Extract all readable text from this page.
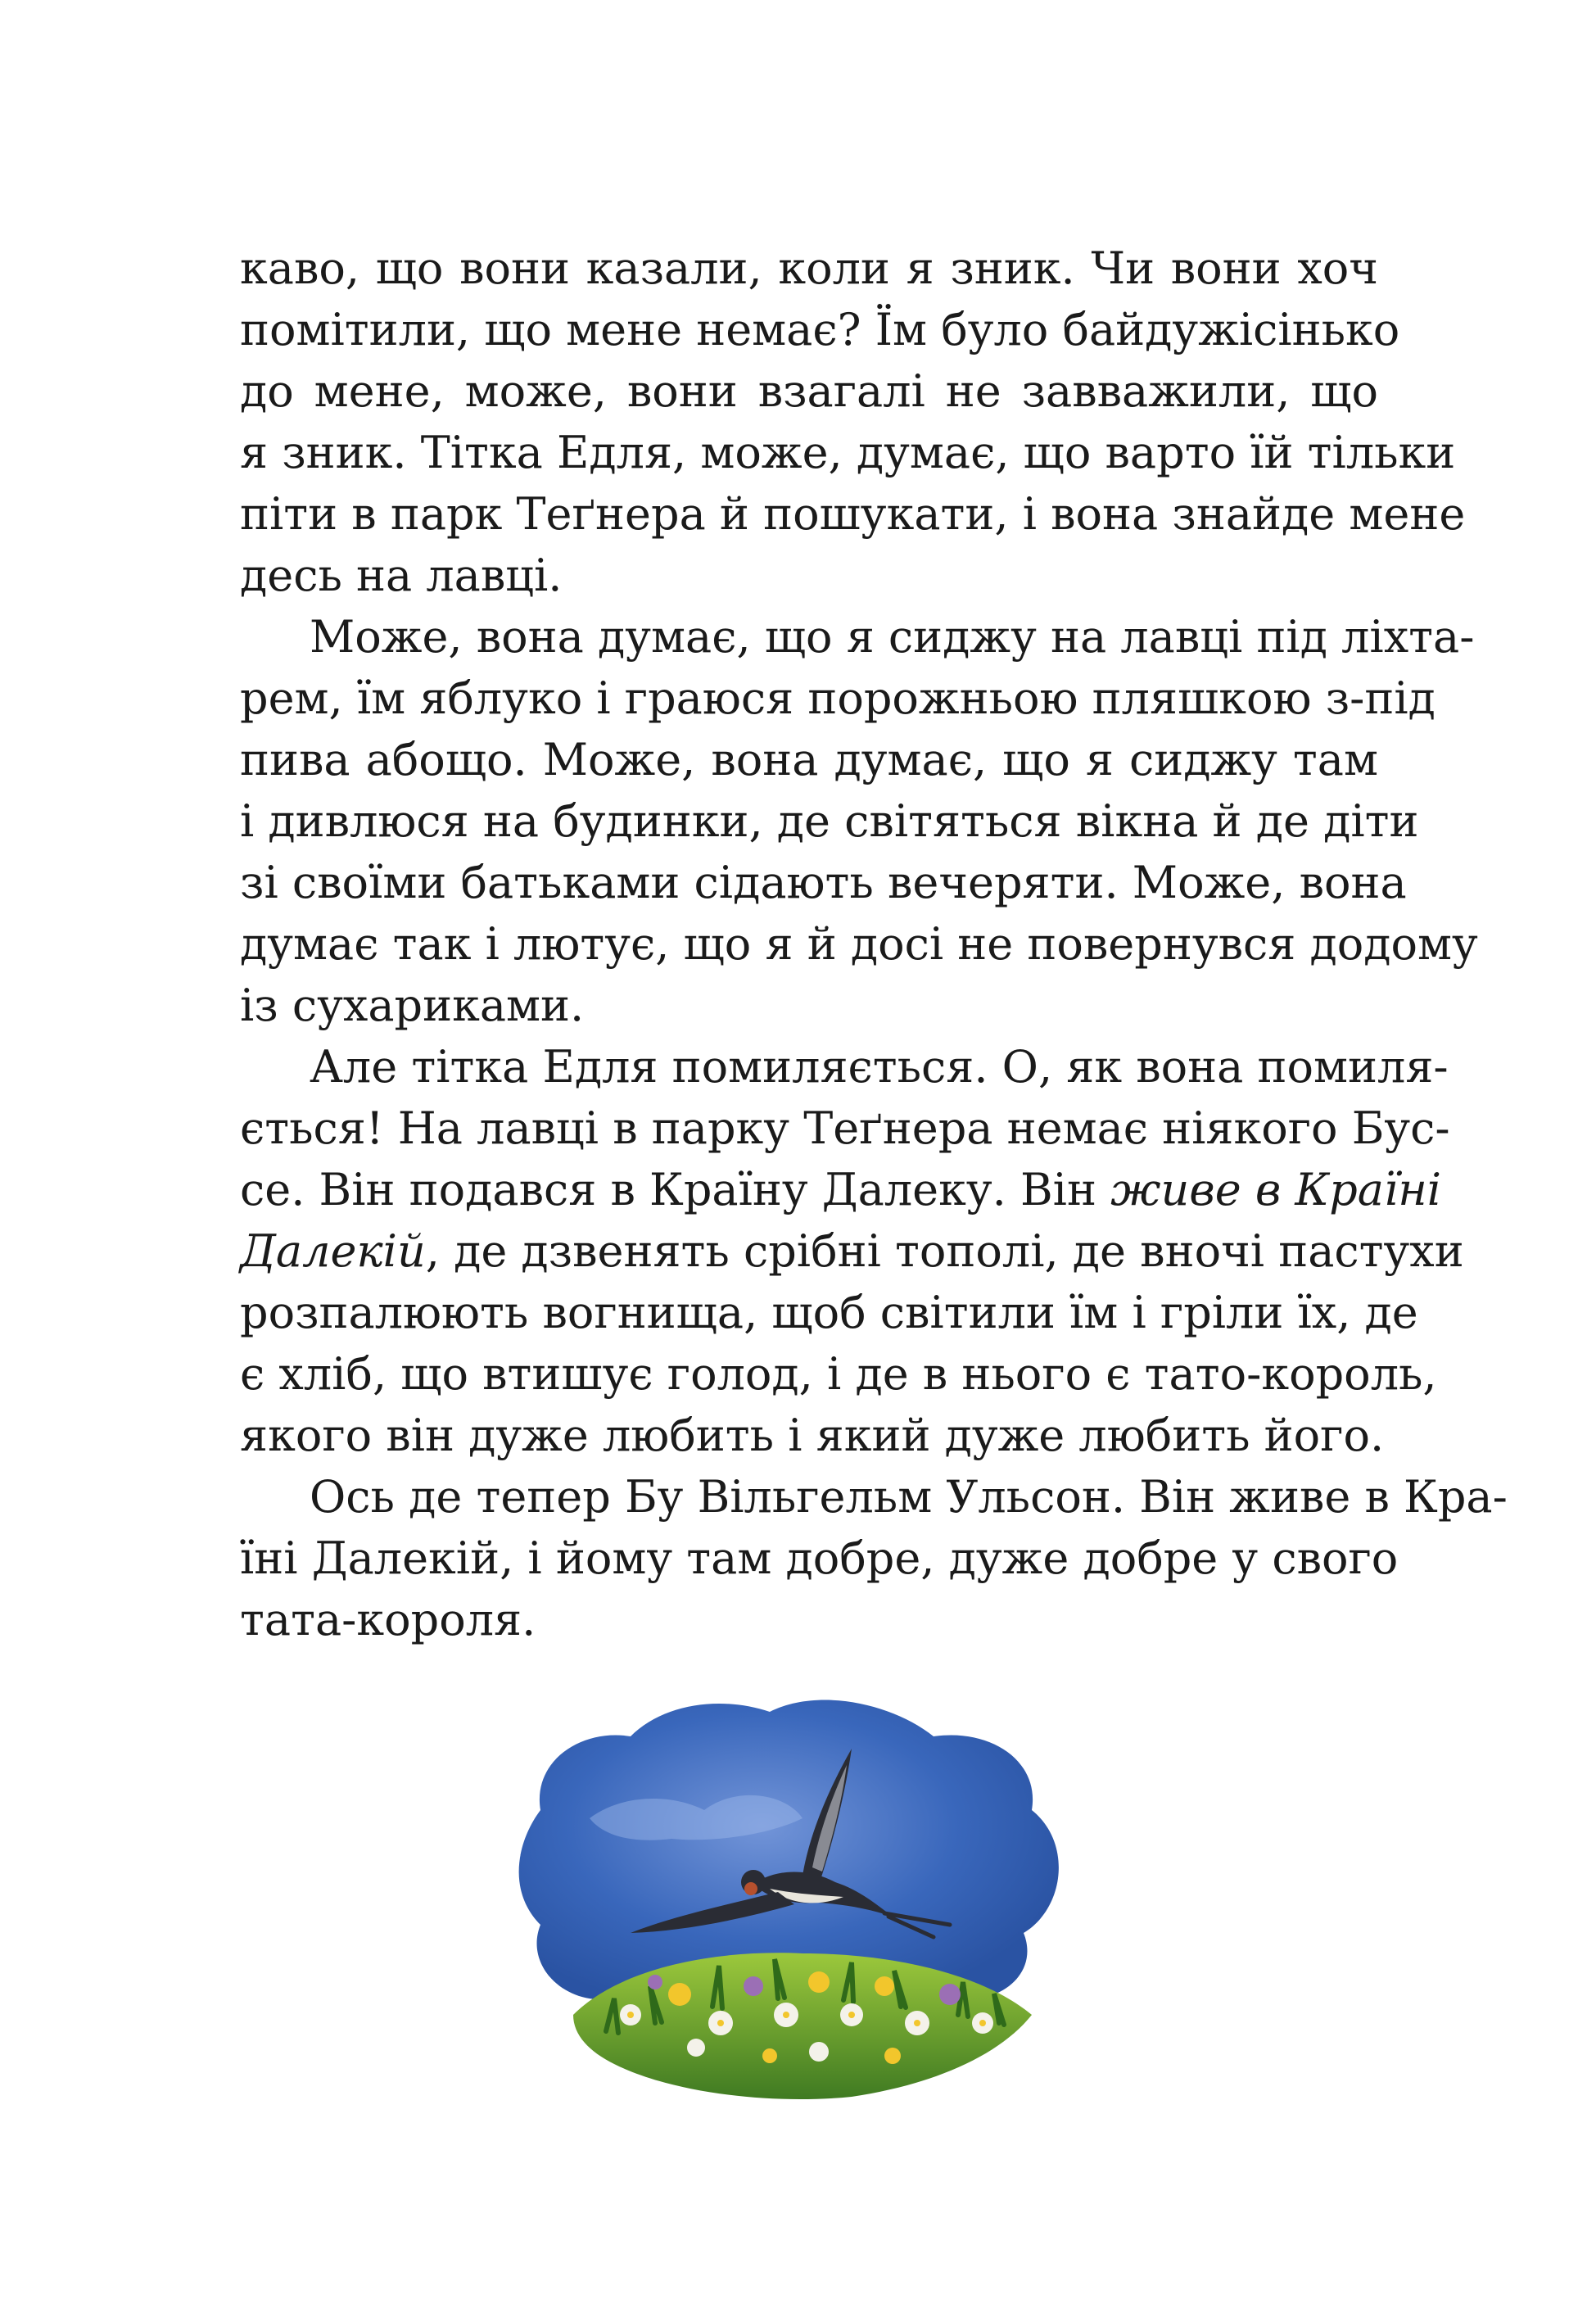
каво, що вони казали, коли я зник. Чи вони хоч
помітили, що мене немає? Їм було байдужісінько
до мене, може, вони взагалі не завважили, що
я зник. Тітка Едля, може, думає, що варто їй тільки
піти в парк Теґнера й пошукати, і вона знайде мене
десь на лавці.
Може, вона думає, що я сиджу на лавці під ліхта-
рем, їм яблуко і граюся порожньою пляшкою з-під
пива абощо. Може, вона думає, що я сиджу там
і дивлюся на будинки, де світяться вікна й де діти
зі своїми батьками сідають вечеряти. Може, вона
думає так і лютує, що я й досі не повернувся додому
із сухариками.
Але тітка Едля помиляється. О, як вона помиля-
ється! На лавці в парку Теґнера немає ніякого Бус-
се. Він подався в Країну Далеку. Він живе в Країні
Далекій, де дзвенять срібні тополі, де вночі пастухи
розпалюють вогнища, щоб світили їм і гріли їх, де
є хліб, що втишує голод, і де в нього є тато-король,
якого він дуже любить і який дуже любить його.
Ось де тепер Бу Вільгельм Ульсон. Він живе в Кра-
їні Далекій, і йому там добре, дуже добре у свого
тата-короля.
